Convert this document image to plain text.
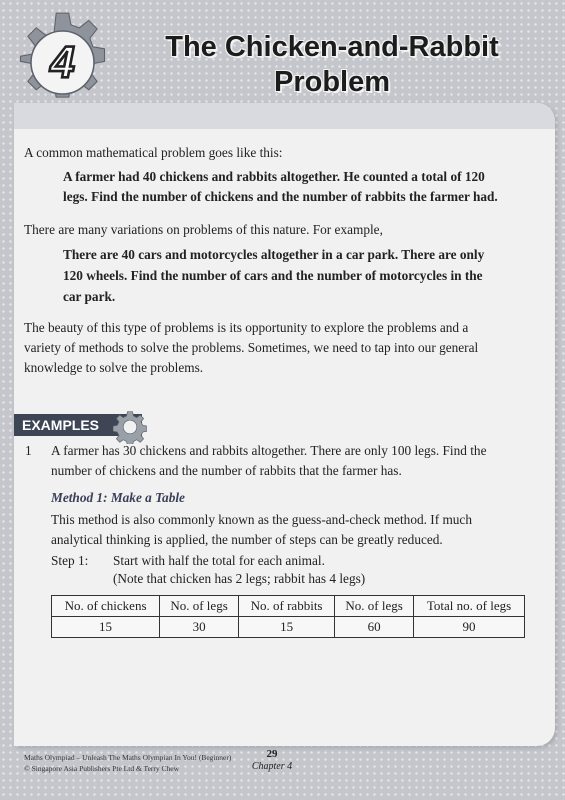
4	The Chicken-and-Rabbit
Problem
A common mathematical problem goes like this:
A farmer had 40 chickens and rabbits altogether. He counted a total of 120
legs. Find the number of chickens and the number of rabbits the farmer had.
There are many variations on problems of this nature. For example,
There are 40 cars and motorcycles altogether in a car park. There are only
120 wheels. Find the number of cars and the number of motorcycles in the
car park.
The beauty of this type of problems is its opportunity to explore the problems and a
variety of methods to solve the problems. Sometimes, we need to tap into our general
knowledge to solve the problems.
EXAMPLES
1 A farmer has 30 chickens and rabbits altogether. There are only 100 legs. Find the
number of chickens and the number of rabbits that the farmer has.
Method 1: Make a Table
This method is also commonly known as the guess-and-check method. If much
analytical thinking is applied, the number of steps can be greatly reduced.
Step 1: Start with half the total for each animal.
(Note that chicken has 2 legs; rabbit has 4 legs)
No. of chickens	No. of legs	No. of rabbits	No. of legs	Total no. of legs
15	30	15	60	90
Maths Olympiad – Unleash The Maths Olympian In You! (Beginner)
© Singapore Asia Publishers Pte Ltd & Terry Chew
29
Chapter 4
